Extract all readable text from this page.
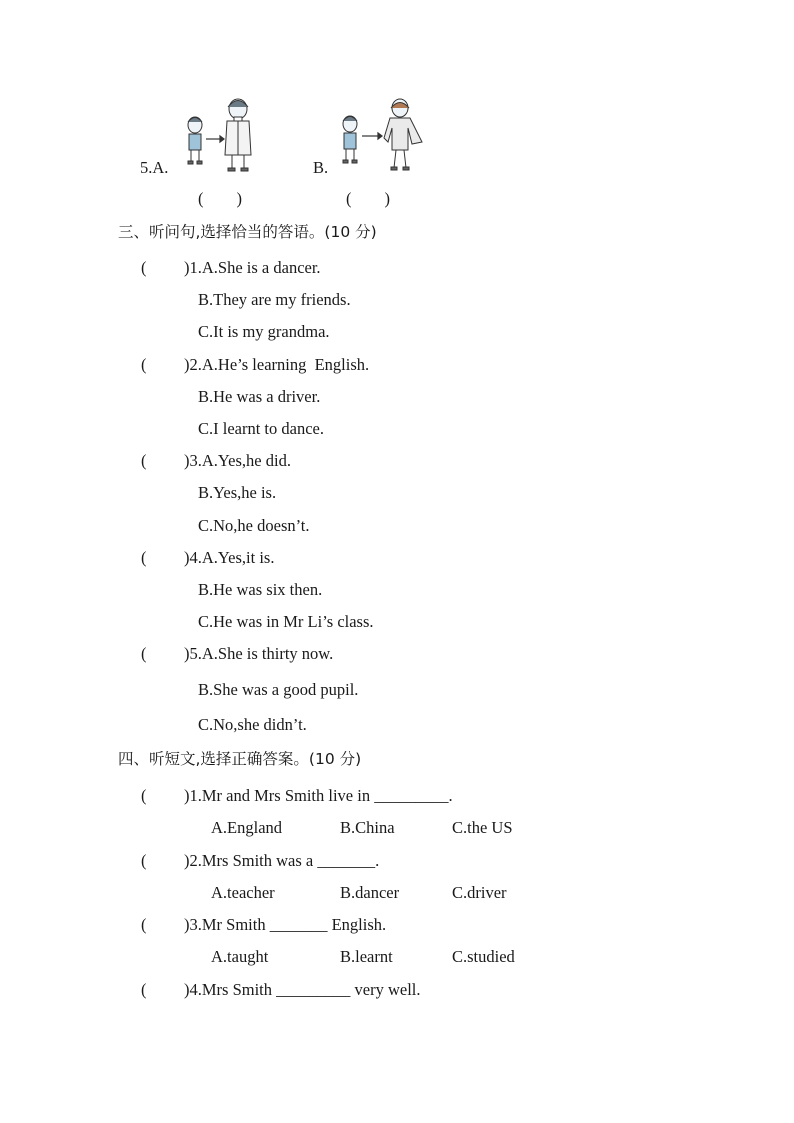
5.A.	B.
(　　)	(　　)
三、听问句,选择恰当的答语。(10 分)
( )1.A.She is a dancer.
B.They are my friends.
C.It is my grandma.
( )2.A.He’s learning  English.
B.He was a driver.
C.I learnt to dance.
( )3.A.Yes,he did.
B.Yes,he is.
C.No,he doesn’t.
( )4.A.Yes,it is.
B.He was six then.
C.He was in Mr Li’s class.
( )5.A.She is thirty now.
B.She was a good pupil.
C.No,she didn’t.
四、听短文,选择正确答案。(10 分)
( )1.Mr and Mrs Smith live in _________.
A.England	B.China	C.the US
( )2.Mrs Smith was a _______.
A.teacher	B.dancer	C.driver
( )3.Mr Smith _______ English.
A.taught	B.learnt	C.studied
( )4.Mrs Smith _________ very well.
